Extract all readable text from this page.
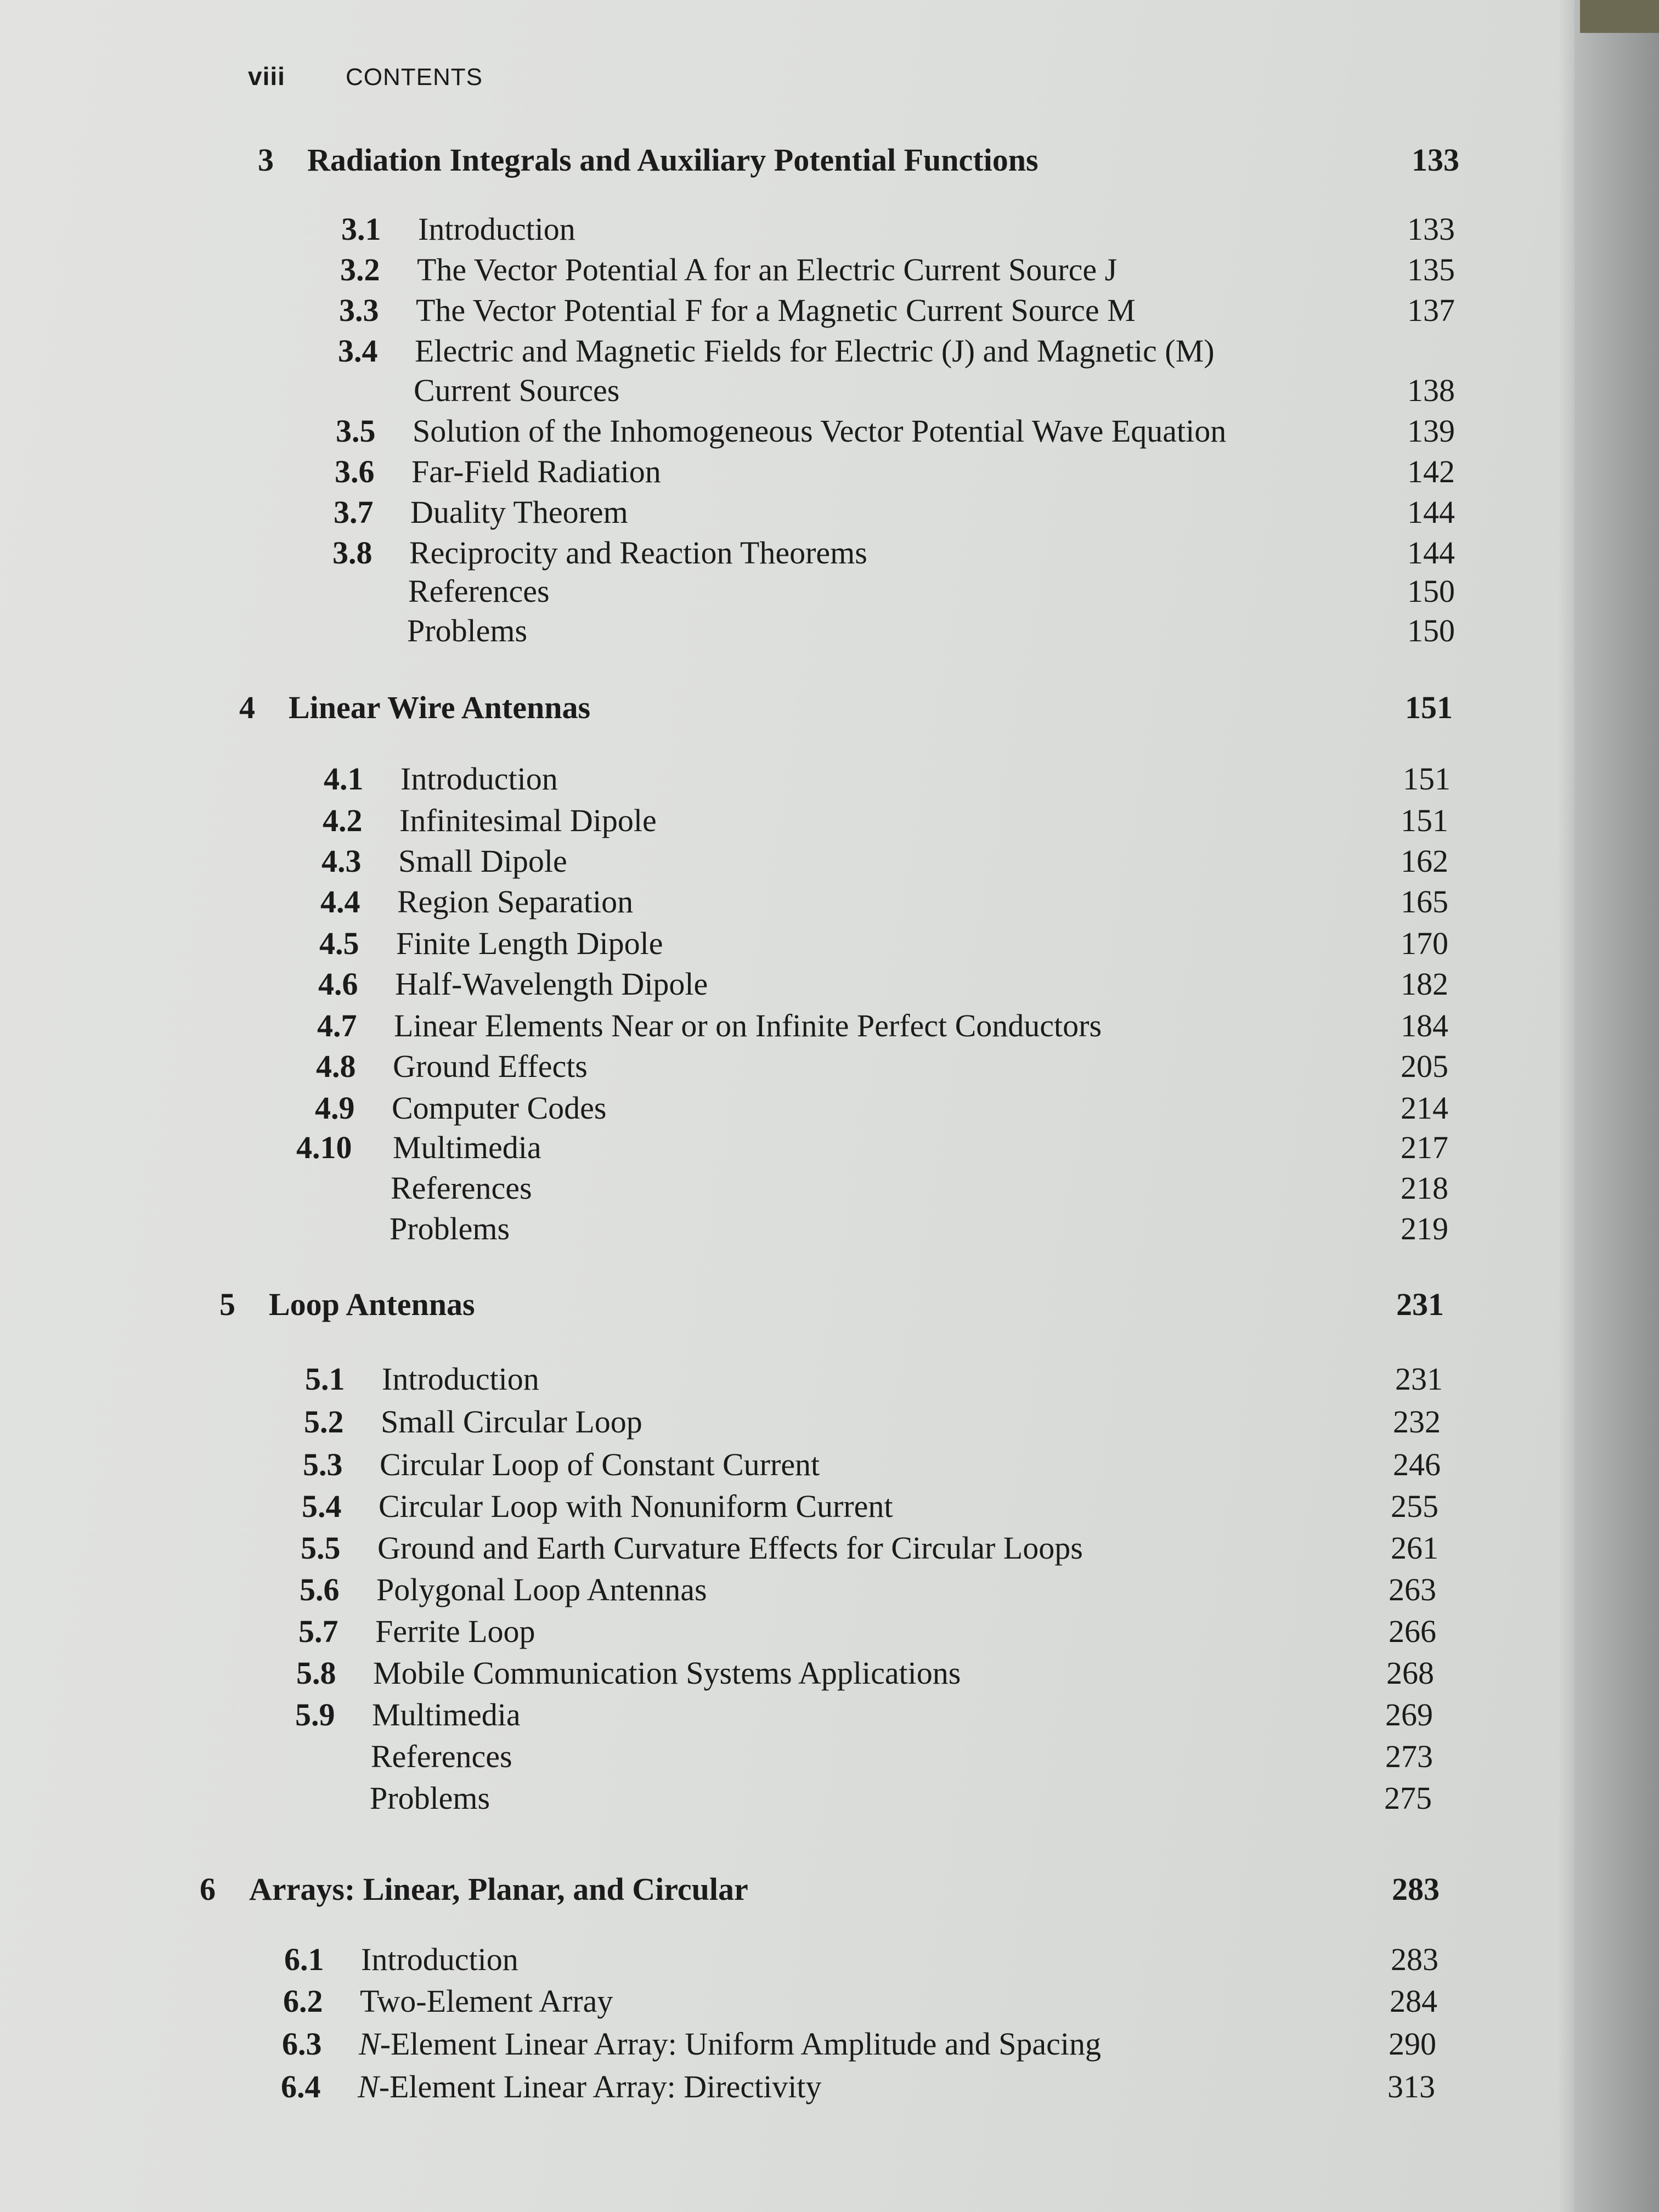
viii	CONTENTS
3	Radiation Integrals and Auxiliary Potential Functions	133
3.1	Introduction	133
3.2	The Vector Potential A for an Electric Current Source J	135
3.3	The Vector Potential F for a Magnetic Current Source M	137
3.4	Electric and Magnetic Fields for Electric (J) and Magnetic (M)
Current Sources	138
3.5	Solution of the Inhomogeneous Vector Potential Wave Equation	139
3.6	Far-Field Radiation	142
3.7	Duality Theorem	144
3.8	Reciprocity and Reaction Theorems	144
References	150
Problems	150
4	Linear Wire Antennas	151
4.1	Introduction	151
4.2	Infinitesimal Dipole	151
4.3	Small Dipole	162
4.4	Region Separation	165
4.5	Finite Length Dipole	170
4.6	Half-Wavelength Dipole	182
4.7	Linear Elements Near or on Infinite Perfect Conductors	184
4.8	Ground Effects	205
4.9	Computer Codes	214
4.10	Multimedia	217
References	218
Problems	219
5	Loop Antennas	231
5.1	Introduction	231
5.2	Small Circular Loop	232
5.3	Circular Loop of Constant Current	246
5.4	Circular Loop with Nonuniform Current	255
5.5	Ground and Earth Curvature Effects for Circular Loops	261
5.6	Polygonal Loop Antennas	263
5.7	Ferrite Loop	266
5.8	Mobile Communication Systems Applications	268
5.9	Multimedia	269
References	273
Problems	275
6	Arrays: Linear, Planar, and Circular	283
6.1	Introduction	283
6.2	Two-Element Array	284
6.3	N-Element Linear Array: Uniform Amplitude and Spacing	290
6.4	N-Element Linear Array: Directivity	313
